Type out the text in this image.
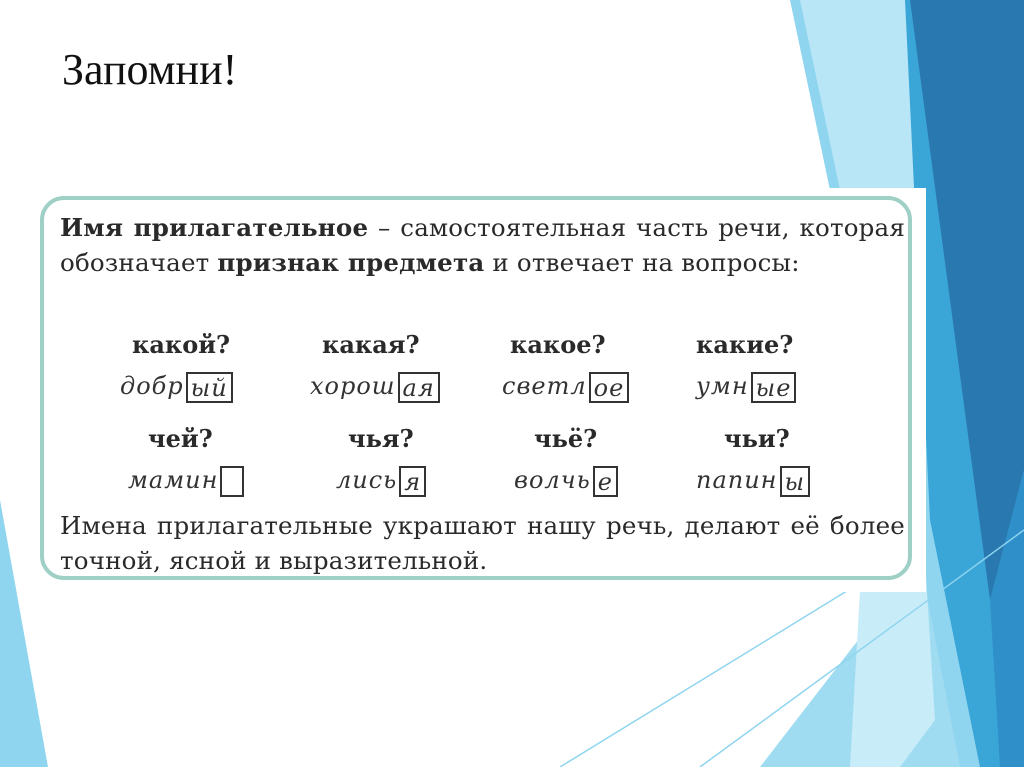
Запомни!

Имя прилагательное – самостоятельная часть речи, которая обозначает признак предмета и отвечает на вопросы:

какой?	какая?	какое?	какие?
добр ый	хорош ая	светл ое	умн ые
чей?	чья?	чьё?	чьи?
мамин	лись я	волчь е	папин ы

Имена прилагательные украшают нашу речь, делают её более точной, ясной и выразительной.
